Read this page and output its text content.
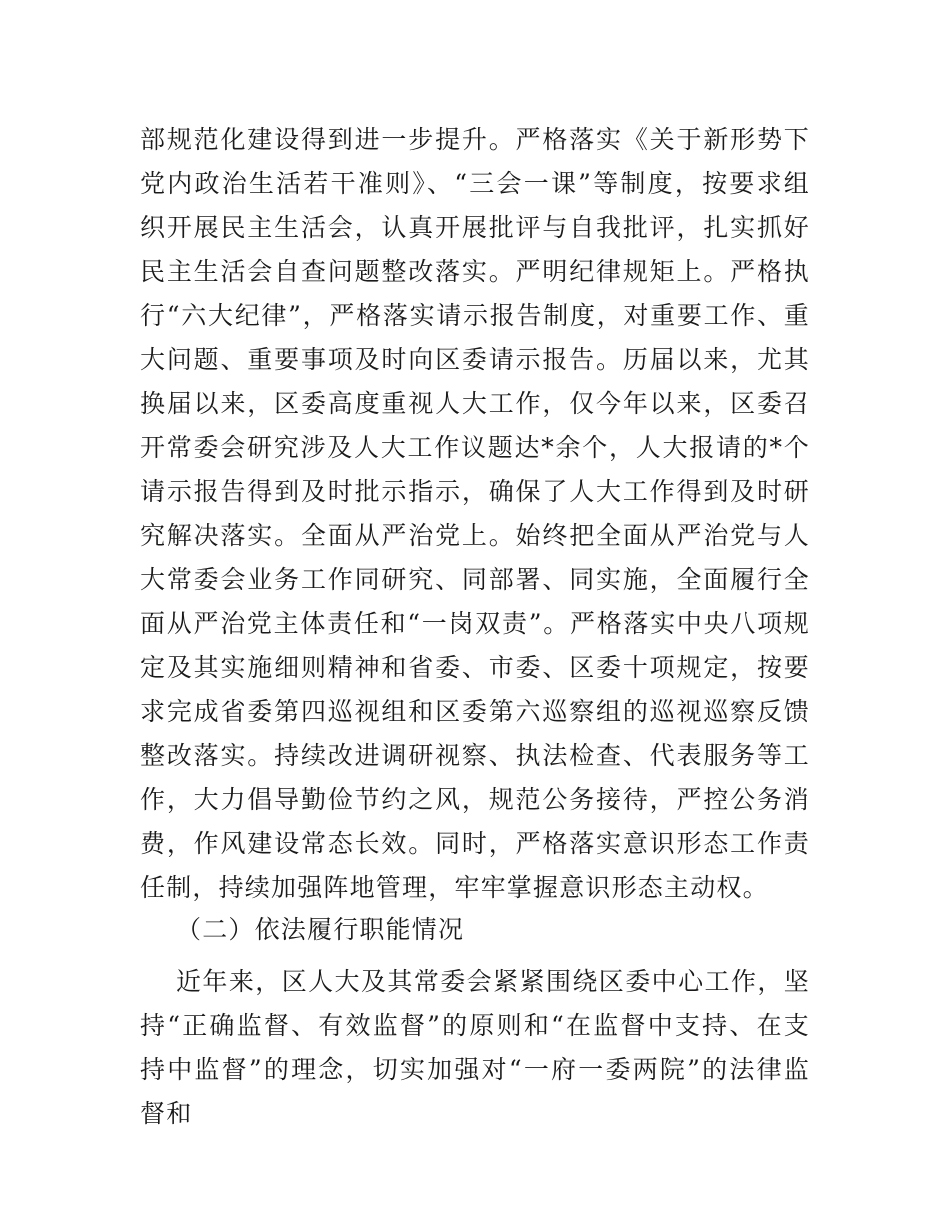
部规范化建设得到进一步提升。严格落实《关于新形势下党内政治生活若干准则》、“三会一课”等制度，按要求组织开展民主生活会，认真开展批评与自我批评，扎实抓好民主生活会自查问题整改落实。严明纪律规矩上。严格执行“六大纪律”，严格落实请示报告制度，对重要工作、重大问题、重要事项及时向区委请示报告。历届以来，尤其换届以来，区委高度重视人大工作，仅今年以来，区委召开常委会研究涉及人大工作议题达*余个，人大报请的*个请示报告得到及时批示指示，确保了人大工作得到及时研究解决落实。全面从严治党上。始终把全面从严治党与人大常委会业务工作同研究、同部署、同实施，全面履行全面从严治党主体责任和“一岗双责”。严格落实中央八项规定及其实施细则精神和省委、市委、区委十项规定，按要求完成省委第四巡视组和区委第六巡察组的巡视巡察反馈整改落实。持续改进调研视察、执法检查、代表服务等工作，大力倡导勤俭节约之风，规范公务接待，严控公务消费，作风建设常态长效。同时，严格落实意识形态工作责任制，持续加强阵地管理，牢牢掌握意识形态主动权。

（二）依法履行职能情况

近年来，区人大及其常委会紧紧围绕区委中心工作，坚持“正确监督、有效监督”的原则和“在监督中支持、在支持中监督”的理念，切实加强对“一府一委两院”的法律监督和
